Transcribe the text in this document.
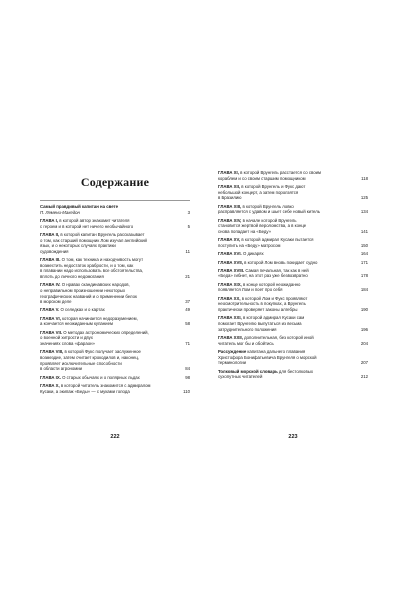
Содержание
Самый правдивый капитан на свете
3
П. Лемени-Македон
ГЛАВА I, в которой автор знакомит читателя
5
с героем и в которой нет ничего необычайного
ГЛАВА II, в которой капитан Врунгель рассказывает
о том, как старший помощник Лом изучал английский
язык, и о некоторых случаях практики
11
судовождения
ГЛАВА III. О том, как техника и находчивость могут
возместить недостаток храбрости, и о том, как
в плавании надо использовать все обстоятельства,
21
вплоть до личного недомогания
ГЛАВА IV. О нравах скандинавских народов,
о неправильном произношении некоторых
географических названий и о применении белок
37
в морском деле
49
ГЛАВА V. О селедках и о картах
ГЛАВА VI, которая начинается недоразумением,
58
а кончается неожиданным купанием
ГЛАВА VII. О методах астрономических определений,
о военной хитрости и двух
71
значениях слова «фараон»
ГЛАВА VIII, в которой Фукс получает заслуженное
возмездие, затем считает крокодилов и, наконец,
проявляет исключительные способности
84
в области агрономии
98
ГЛАВА IX. О старых обычаях и о полярных льдах
ГЛАВА X, в которой читатель знакомится с адмиралом
110
Кусаки, а экипаж «Беды» — с муками голода
222
ГЛАВА XI, в которой Врунгель расстается со своим
118
кораблем и со своим старшим помощником
ГЛАВА XII, в которой Врунгель и Фукс дают
небольшой концерт, а затем поролзятся
125
в Бразилию
ГЛАВА XIII, в которой Врунгель ловко
134
расправляется с удавом и шьет себе новый китель
ГЛАВА XIV, в начале которой Врунгель
становится жертвой вероломства, а в конце
141
снова попадает на «Беду»
ГЛАВА XV, в которой адмирал Кусаки пытается
150
поступить на «Беду» матросом
164
ГЛАВА XVI. О дикарях
171
ГЛАВА XVII, в которой Лом вновь покидает судно
ГЛАВА XVIII. Самая печальная, так как в ней
178
«Беда» гибнет, на этот раз уже безвозвратно
ГЛАВА XIX, в конце которой неожиданно
184
появляется Лом и поет про себя
ГЛАВА XX, в которой Лом и Фукс проявляют
неосмотрительность в покупках, а Врунгель
190
практически проверяет законы алгебры
ГЛАВА XXI, в которой адмирал Кусаки сам
помогает Врунгелю выпутаться из весьма
196
затруднительного положения
ГЛАВА XXII, дополнительная, без которой иной
204
читатель мог бы и обойтись
Рассуждение капитана дальнего плавания
Христофора Бонифатьевича Врунгеля о морской
207
терминологии
Толковый морской словарь для бестолковых
212
сухопутных читателей
223
